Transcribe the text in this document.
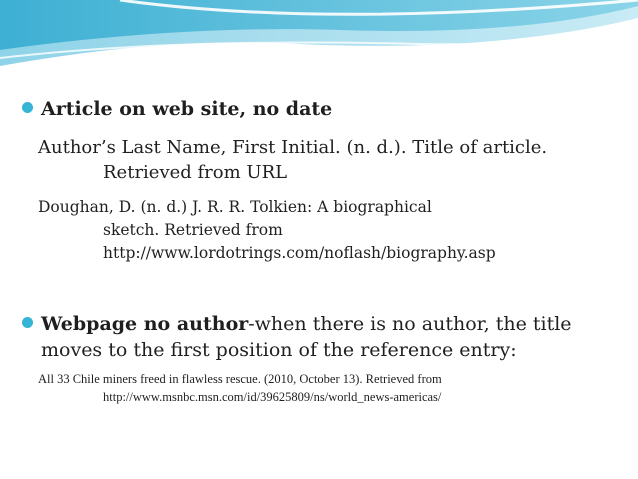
Article on web site, no date
Author’s Last Name, First Initial. (n. d.). Title of article.
Retrieved from URL
Doughan, D. (n. d.) J. R. R. Tolkien: A biographical
sketch. Retrieved from
http://www.lordotrings.com/noflash/biography.asp
Webpage no author-when there is no author, the title
moves to the first position of the reference entry:
All 33 Chile miners freed in flawless rescue. (2010, October 13). Retrieved from
http://www.msnbc.msn.com/id/39625809/ns/world_news-americas/
